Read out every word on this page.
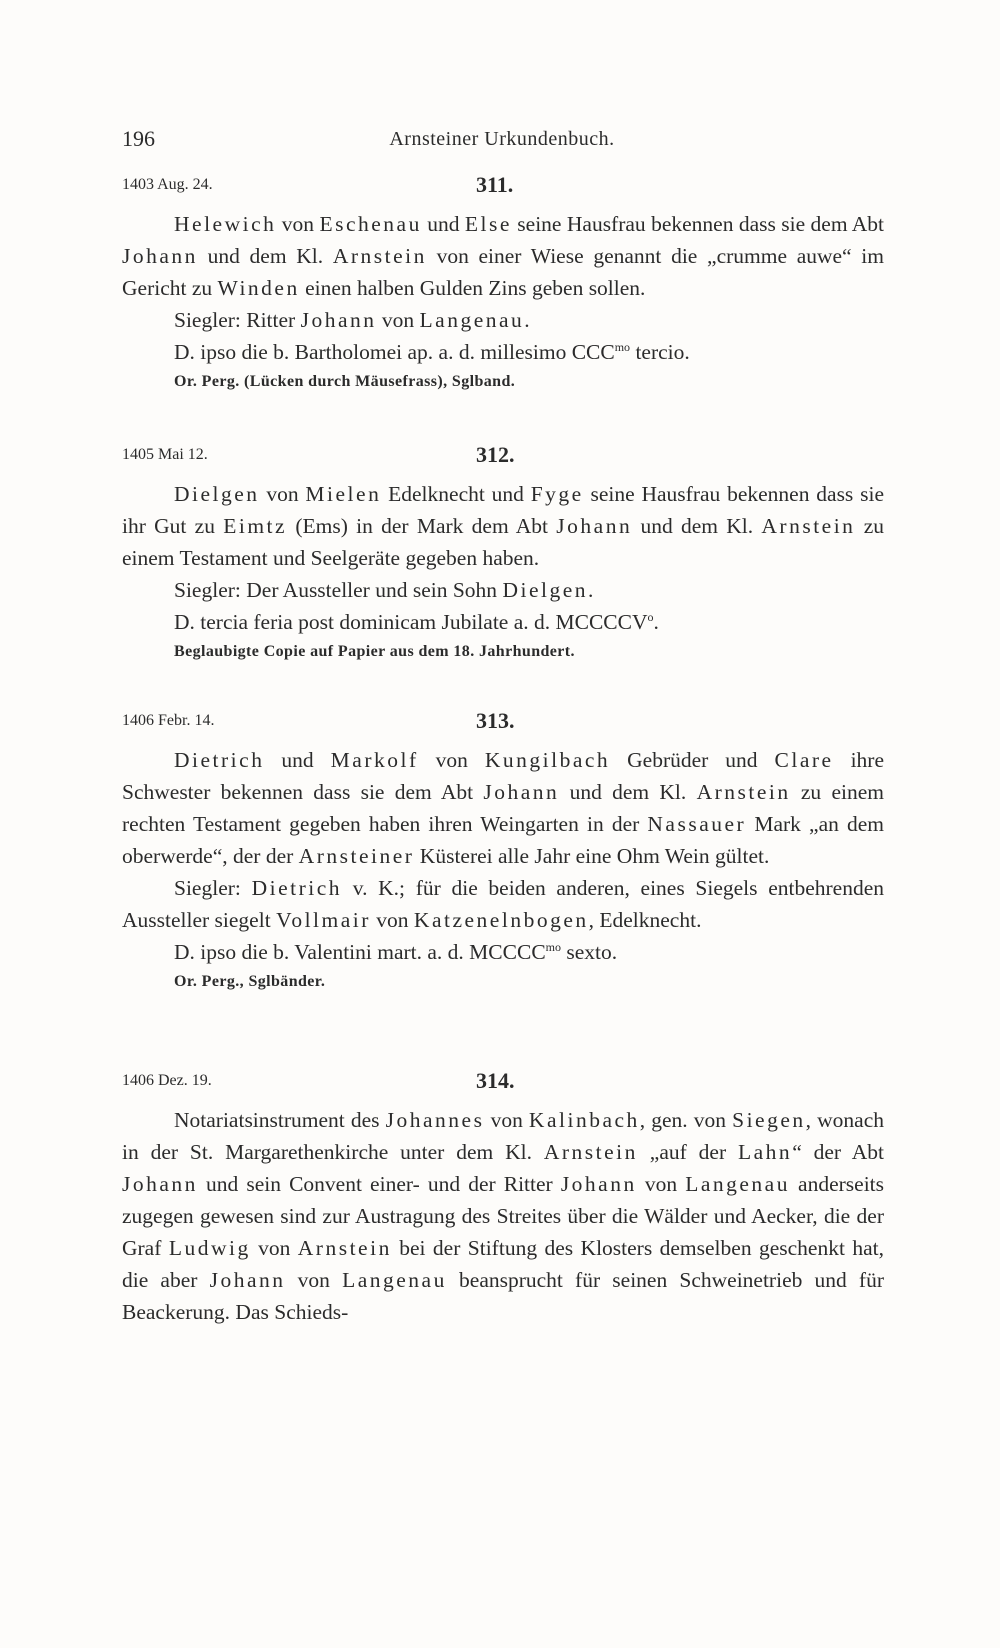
196	Arnsteiner Urkundenbuch.
1403 Aug. 24.	311.

Helewich von Eschenau und Else seine Hausfrau bekennen dass sie dem Abt Johann und dem Kl. Arnstein von einer Wiese genannt die „crumme auwe“ im Gericht zu Winden einen halben Gulden Zins geben sollen.

Siegler: Ritter Johann von Langenau.

D. ipso die b. Bartholomei ap. a. d. millesimo $CCC^{mo}$ tercio.

Or. Perg. (Lücken durch Mäusefrass), Sglband.

1405 Mai 12.	312.

Dielgen von Mielen Edelknecht und Fyge seine Hausfrau bekennen dass sie ihr Gut zu Eimtz (Ems) in der Mark dem Abt Johann und dem Kl. Arnstein zu einem Testament und Seelgeräte gegeben haben.

Siegler: Der Aussteller und sein Sohn Dielgen.

D. tercia feria post dominicam Jubilate a. d. MCCCCV$^o$.

Beglaubigte Copie auf Papier aus dem 18. Jahrhundert.

1406 Febr. 14.	313.

Dietrich und Markolf von Kungilbach Gebrüder und Clare ihre Schwester bekennen dass sie dem Abt Johann und dem Kl. Arnstein zu einem rechten Testament gegeben haben ihren Weingarten in der Nassauer Mark „an dem oberwerde“, der der Arnsteiner Küsterei alle Jahr eine Ohm Wein gültet.

Siegler: Dietrich v. K.; für die beiden anderen, eines Siegels entbehrenden Aussteller siegelt Vollmair von Katzenelnbogen, Edelknecht.

D. ipso die b. Valentini mart. a. d. $MCCCC^{mo}$ sexto.

Or. Perg., Sglbänder.

1406 Dez. 19.	314.

Notariatsinstrument des Johannes von Kalinbach, gen. von Siegen, wonach in der St. Margarethenkirche unter dem Kl. Arnstein „auf der Lahn“ der Abt Johann und sein Convent einer- und der Ritter Johann von Langenau anderseits zugegen gewesen sind zur Austragung des Streites über die Wälder und Aecker, die der Graf Ludwig von Arnstein bei der Stiftung des Klosters demselben geschenkt hat, die aber Johann von Langenau beansprucht für seinen Schweinetrieb und für Beackerung. Das Schieds-
